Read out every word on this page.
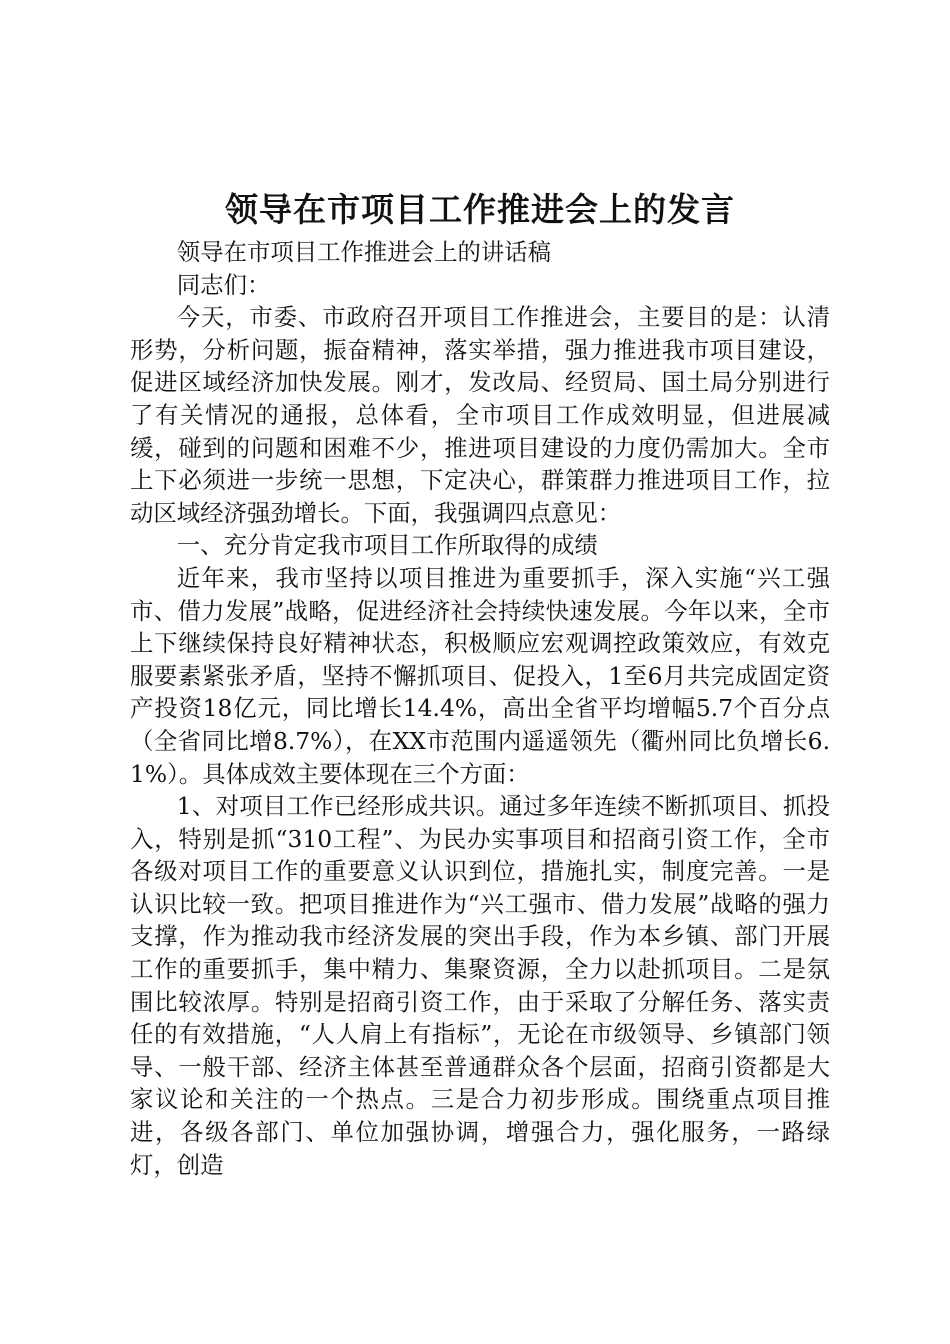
领导在市项目工作推进会上的发言

领导在市项目工作推进会上的讲话稿

同志们：

今天，市委、市政府召开项目工作推进会，主要目的是：认清形势，分析问题，振奋精神，落实举措，强力推进我市项目建设，促进区域经济加快发展。刚才，发改局、经贸局、国土局分别进行了有关情况的通报，总体看，全市项目工作成效明显，但进展减缓，碰到的问题和困难不少，推进项目建设的力度仍需加大。全市上下必须进一步统一思想，下定决心，群策群力推进项目工作，拉动区域经济强劲增长。下面，我强调四点意见：

一、充分肯定我市项目工作所取得的成绩

近年来，我市坚持以项目推进为重要抓手，深入实施“兴工强市、借力发展”战略，促进经济社会持续快速发展。今年以来，全市上下继续保持良好精神状态，积极顺应宏观调控政策效应，有效克服要素紧张矛盾，坚持不懈抓项目、促投入，1至6月共完成固定资产投资18亿元，同比增长14.4%，高出全省平均增幅5.7个百分点（全省同比增8.7%），在XX市范围内遥遥领先（衢州同比负增长6.1%）。具体成效主要体现在三个方面：

1、对项目工作已经形成共识。通过多年连续不断抓项目、抓投入，特别是抓“310工程”、为民办实事项目和招商引资工作，全市各级对项目工作的重要意义认识到位，措施扎实，制度完善。一是认识比较一致。把项目推进作为“兴工强市、借力发展”战略的强力支撑，作为推动我市经济发展的突出手段，作为本乡镇、部门开展工作的重要抓手，集中精力、集聚资源，全力以赴抓项目。二是氛围比较浓厚。特别是招商引资工作，由于采取了分解任务、落实责任的有效措施，“人人肩上有指标”，无论在市级领导、乡镇部门领导、一般干部、经济主体甚至普通群众各个层面，招商引资都是大家议论和关注的一个热点。三是合力初步形成。围绕重点项目推进，各级各部门、单位加强协调，增强合力，强化服务，一路绿灯，创造
